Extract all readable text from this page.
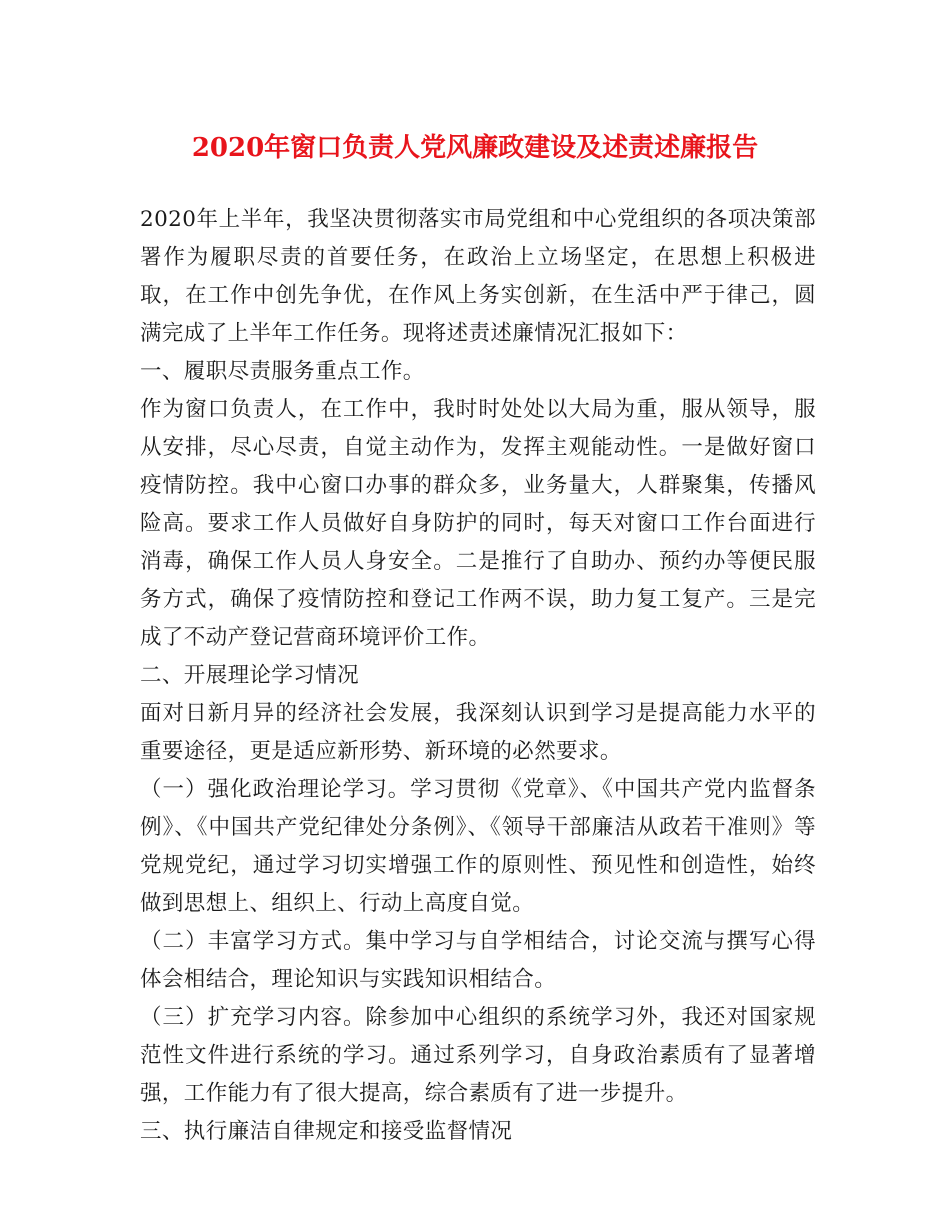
2020年窗口负责人党风廉政建设及述责述廉报告

2020年上半年，我坚决贯彻落实市局党组和中心党组织的各项决策部署作为履职尽责的首要任务，在政治上立场坚定，在思想上积极进取，在工作中创先争优，在作风上务实创新，在生活中严于律己，圆满完成了上半年工作任务。现将述责述廉情况汇报如下：

一、履职尽责服务重点工作。

作为窗口负责人，在工作中，我时时处处以大局为重，服从领导，服从安排，尽心尽责，自觉主动作为，发挥主观能动性。一是做好窗口疫情防控。我中心窗口办事的群众多，业务量大，人群聚集，传播风险高。要求工作人员做好自身防护的同时，每天对窗口工作台面进行消毒，确保工作人员人身安全。二是推行了自助办、预约办等便民服务方式，确保了疫情防控和登记工作两不误，助力复工复产。三是完成了不动产登记营商环境评价工作。

二、开展理论学习情况

面对日新月异的经济社会发展，我深刻认识到学习是提高能力水平的重要途径，更是适应新形势、新环境的必然要求。

（一）强化政治理论学习。学习贯彻《党章》、《中国共产党内监督条例》、《中国共产党纪律处分条例》、《领导干部廉洁从政若干准则》等党规党纪，通过学习切实增强工作的原则性、预见性和创造性，始终做到思想上、组织上、行动上高度自觉。

（二）丰富学习方式。集中学习与自学相结合，讨论交流与撰写心得体会相结合，理论知识与实践知识相结合。

（三）扩充学习内容。除参加中心组织的系统学习外，我还对国家规范性文件进行系统的学习。通过系列学习，自身政治素质有了显著增强，工作能力有了很大提高，综合素质有了进一步提升。

三、执行廉洁自律规定和接受监督情况
